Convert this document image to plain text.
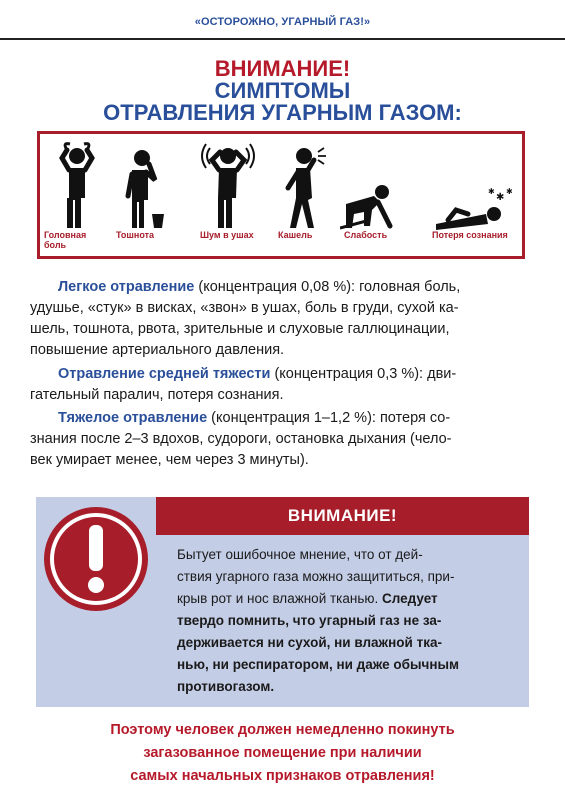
«ОСТОРОЖНО, УГАРНЫЙ ГАЗ!»
ВНИМАНИЕ!
СИМПТОМЫ
ОТРАВЛЕНИЯ УГАРНЫМ ГАЗОМ:
✱
✱
✱
Головная
боль
Тошнота	Шум в ушах	Кашель	Слабость	Потеря сознания
Легкое отравление (концентрация 0,08 %): головная боль,
удушье, «стук» в висках, «звон» в ушах, боль в груди, сухой ка-
шель, тошнота, рвота, зрительные и слуховые галлюцинации,
повышение артериального давления.
Отравление средней тяжести (концентрация 0,3 %): дви-
гательный паралич, потеря сознания.
Тяжелое отравление (концентрация 1–1,2 %): потеря со-
знания после 2–3 вдохов, судороги, остановка дыхания (чело-
век умирает менее, чем через 3 минуты).
ВНИМАНИЕ!
Бытует ошибочное мнение, что от дей-
ствия угарного газа можно защититься, при-
крыв рот и нос влажной тканью. Следует
твердо помнить, что угарный газ не за-
держивается ни сухой, ни влажной тка-
нью, ни респиратором, ни даже обычным
противогазом.
Поэтому человек должен немедленно покинуть
загазованное помещение при наличии
самых начальных признаков отравления!
